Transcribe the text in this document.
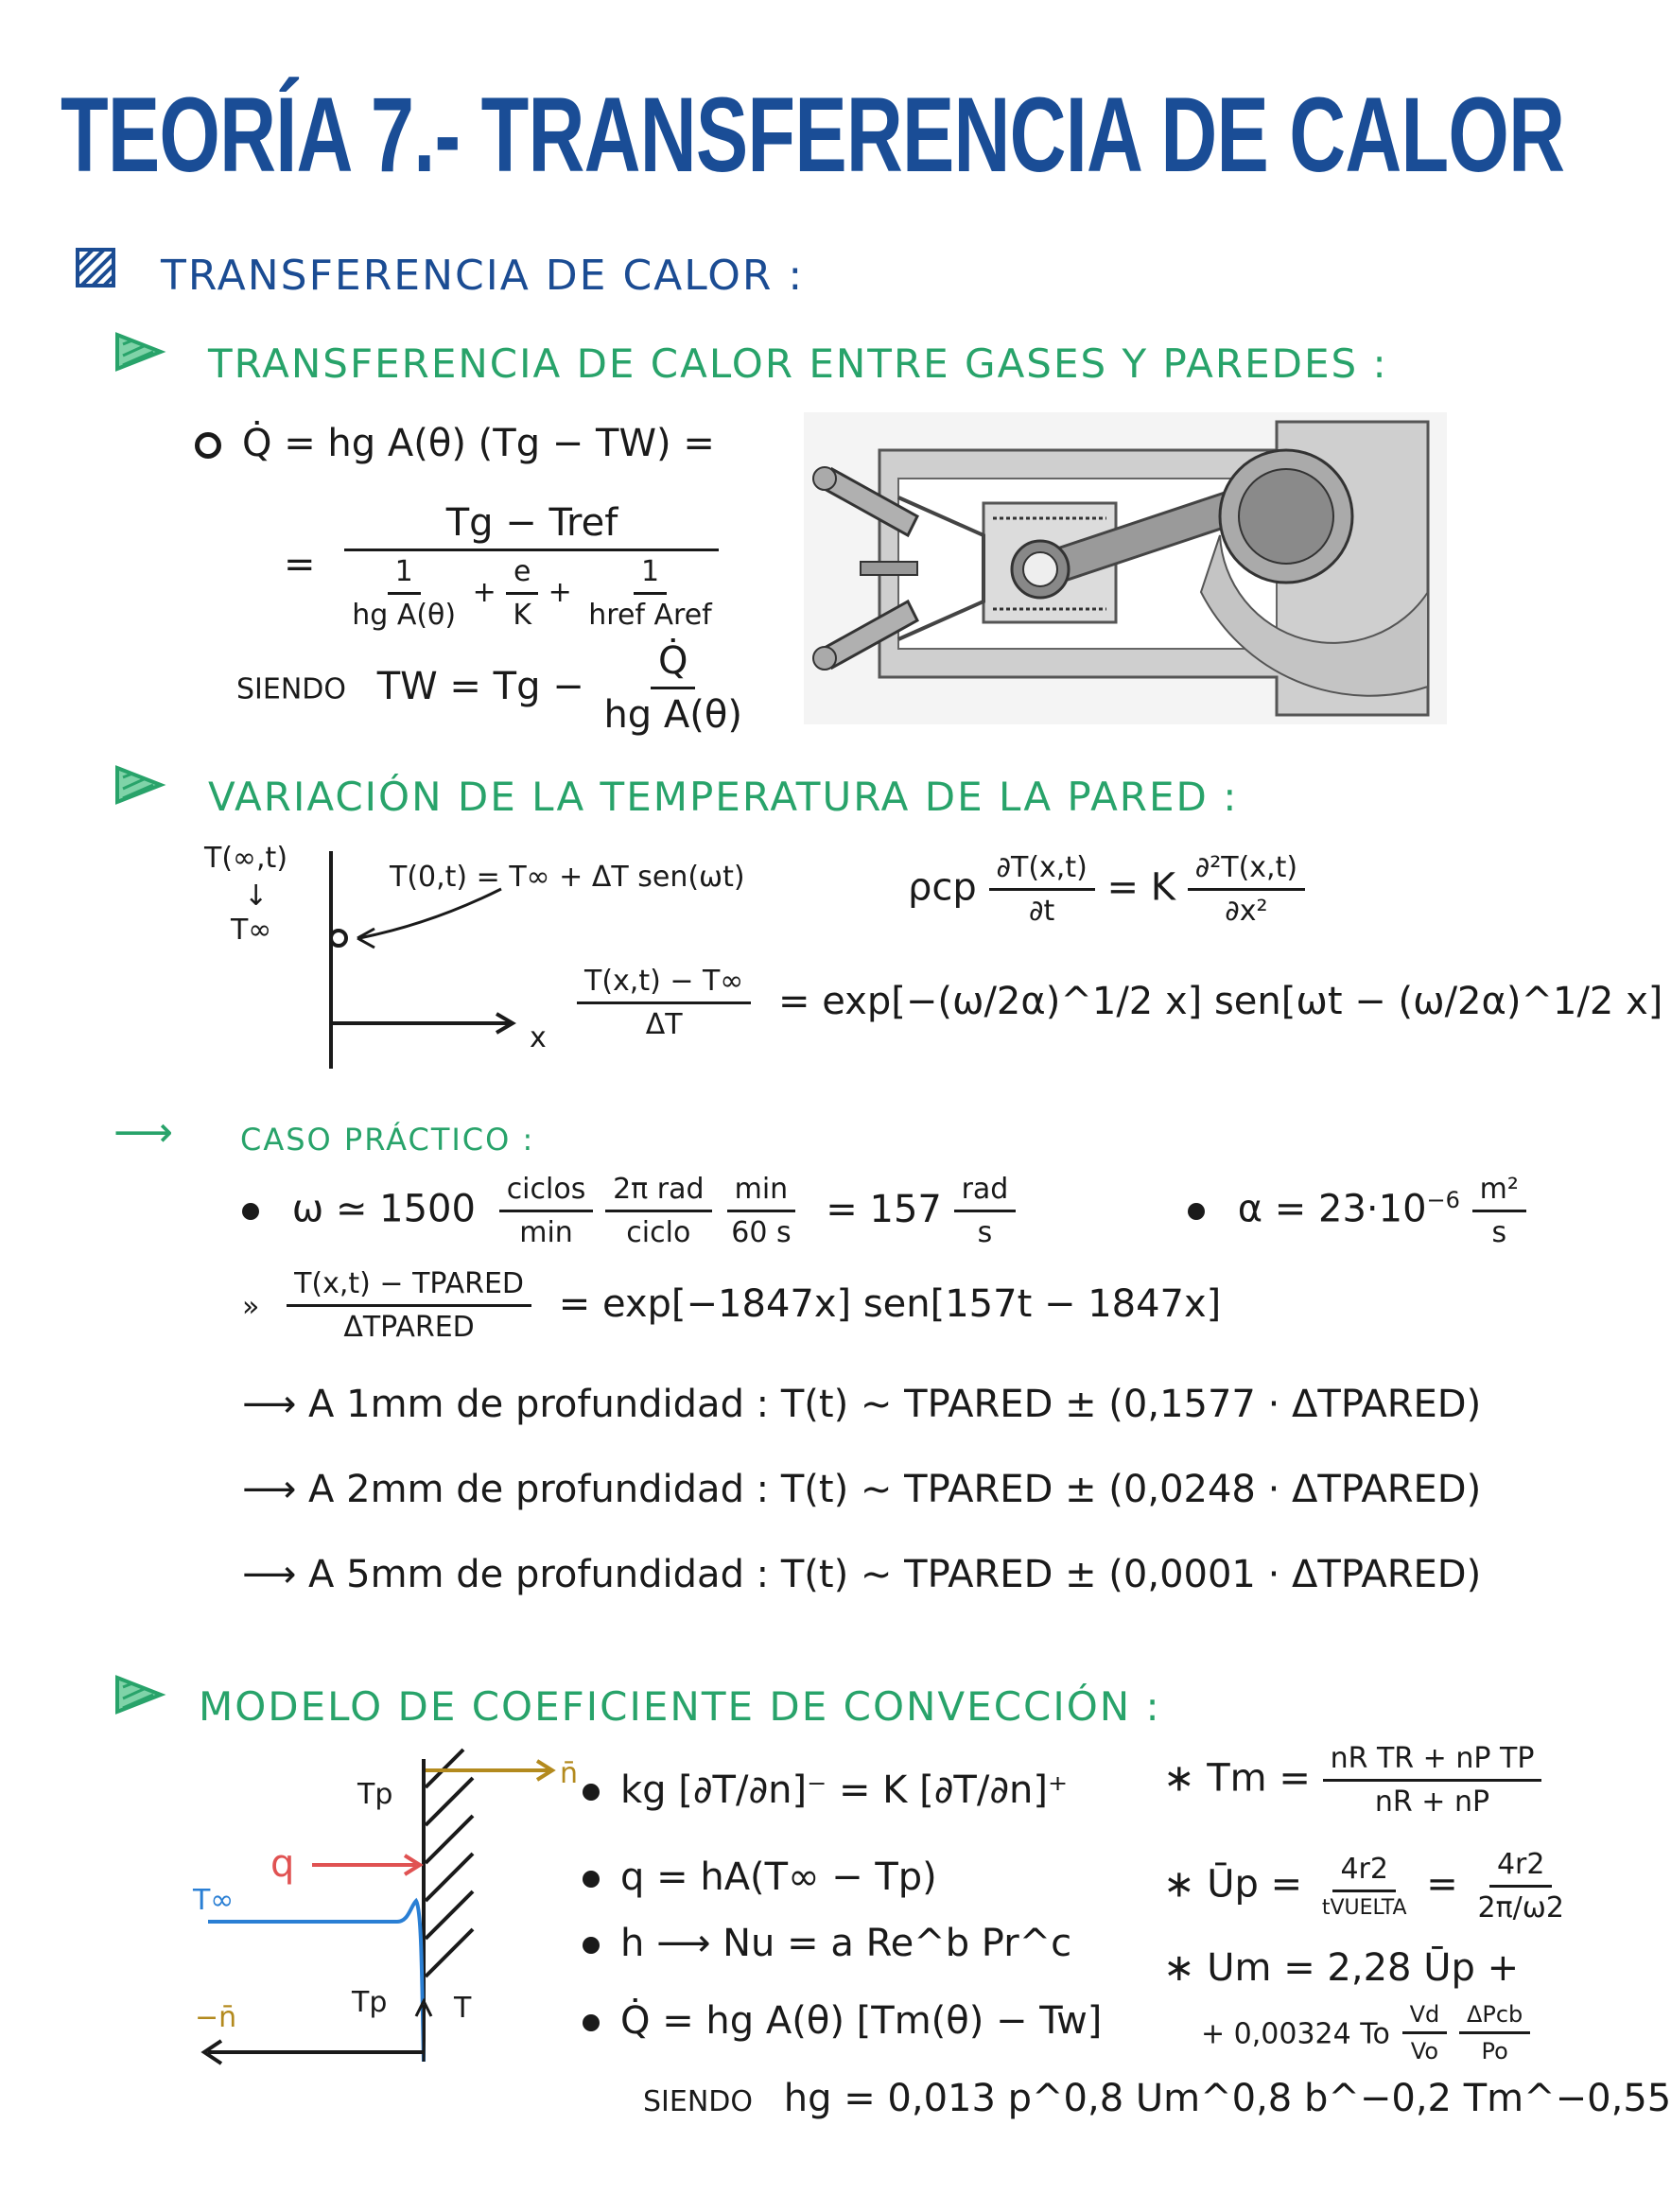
TEORÍA 7.- TRANSFERENCIA DE CALOR
TRANSFERENCIA DE CALOR :
TRANSFERENCIA DE CALOR ENTRE GASES Y PAREDES :
Q̇ = hg A(θ) (Tg − TW) =
= $\frac{\text{Tg − Tref}}{\frac{1}{\text{hg A(θ)}} + \frac{e}{K} + \frac{1}{\text{href Aref}}}$
SIENDO TW = $Tg - \frac{Q̇}{\text{hg A(θ)}}$
VARIACIÓN DE LA TEMPERATURA DE LA PARED :
T(∞,t)
↓
T∞
x
T(0,t) = T∞ + ΔT sen(ωt)	ρcp $\frac{\partial T(x,t)}{\partial t} = K \frac{\text{∂²T(x,t)}}{\text{∂x²}}$
$\frac{T(x,t) - T\infty}{\Delta T}$ = exp[−(ω/2α)^1/2 x] sen[ωt − (ω/2α)^1/2 x]
⟶ CASO PRÁCTICO :
ω ≃ $1500 \frac{\text{ciclos}}{\min}$
$\frac{\text{2π rad}}{\text{ciclo}}$
$\frac{\min}{60 s} = 157 \frac{\text{rad}}{s}$	$\alpha = 23\cdot 10^{-6} \frac{\text{m²}}{s}$
» $\frac{\text{T(x,t) − TPARED}}{\text{ΔTPARED}} = \exp[-1847x] sen[157t - 1847x]$
⟶ A 1mm de profundidad : T(t) ~ TPARED ± (0,1577 · ΔTPARED)
⟶ A 2mm de profundidad : T(t) ~ TPARED ± (0,0248 · ΔTPARED)
⟶ A 5mm de profundidad : T(t) ~ TPARED ± (0,0001 · ΔTPARED)
MODELO DE COEFICIENTE DE CONVECCIÓN :
Tp
n̄
q
T∞
−n̄	Tp T
kg [∂T/∂n]⁻ = K [∂T/∂n]⁺
q = hA(T∞ − Tp)
h ⟶ Nu = a Re^b Pr^c
Q̇ = hg A(θ) [Tm(θ) − Tw]
SIENDO hg = 0,013 p^0,8 Um^0,8 b^−0,2 Tm^−0,55
∗ $Tm = \frac{\text{nR TR + nP TP}}{nR + nP}$
∗ Ūp = $\frac{4r2}{\text{tVUELTA}} = \frac{4r2}{2\pi/\omega 2}$
∗ Um = 2,28 Ūp +
+ 0,00324 To $\frac{Vd}{Vo}$
$\frac{\text{ΔPcb}}{Po}$
